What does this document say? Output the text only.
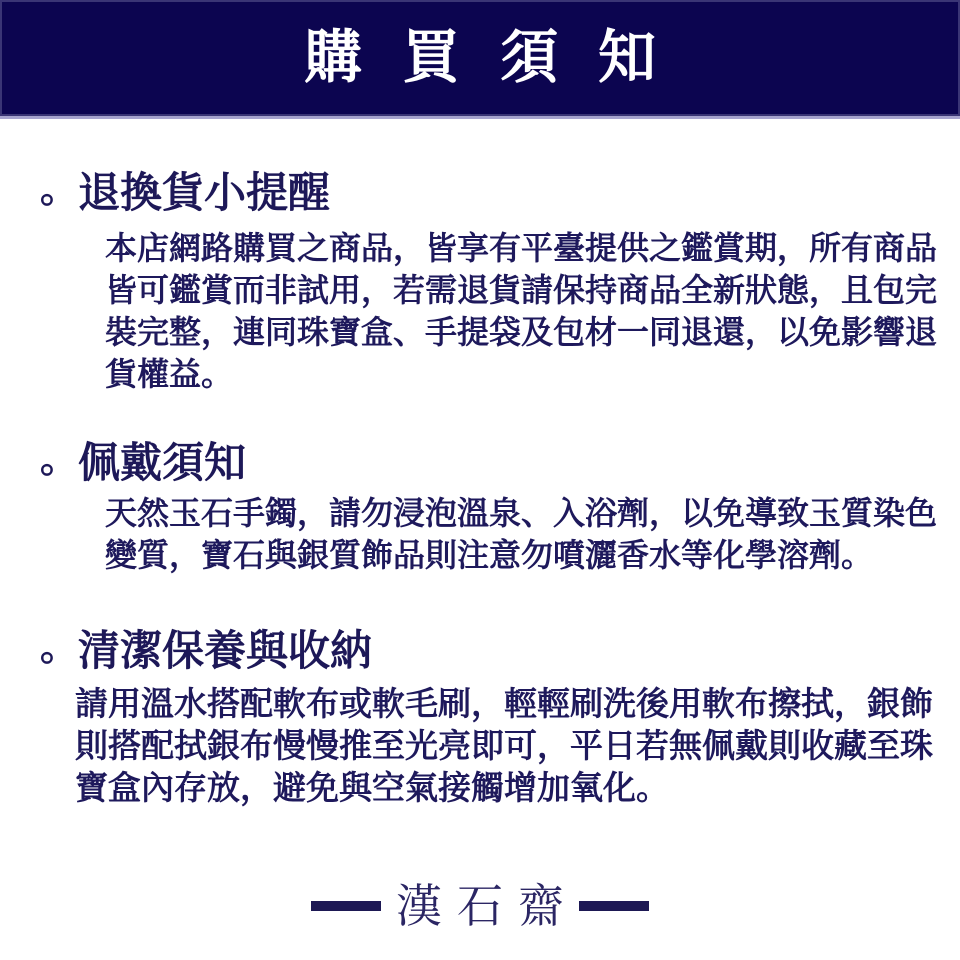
購買須知
。退換貨小提醒
本店網路購買之商品，皆享有平臺提供之鑑賞期，所有商品
皆可鑑賞而非試用，若需退貨請保持商品全新狀態，且包完
裝完整，連同珠寶盒、手提袋及包材一同退還，以免影響退
貨權益。
。佩戴須知
天然玉石手鐲，請勿浸泡溫泉、入浴劑，以免導致玉質染色
變質，寶石與銀質飾品則注意勿噴灑香水等化學溶劑。
。清潔保養與收納
請用溫水搭配軟布或軟毛刷，輕輕刷洗後用軟布擦拭，銀飾
則搭配拭銀布慢慢推至光亮即可，平日若無佩戴則收藏至珠
寶盒內存放，避免與空氣接觸增加氧化。
漢石齋
